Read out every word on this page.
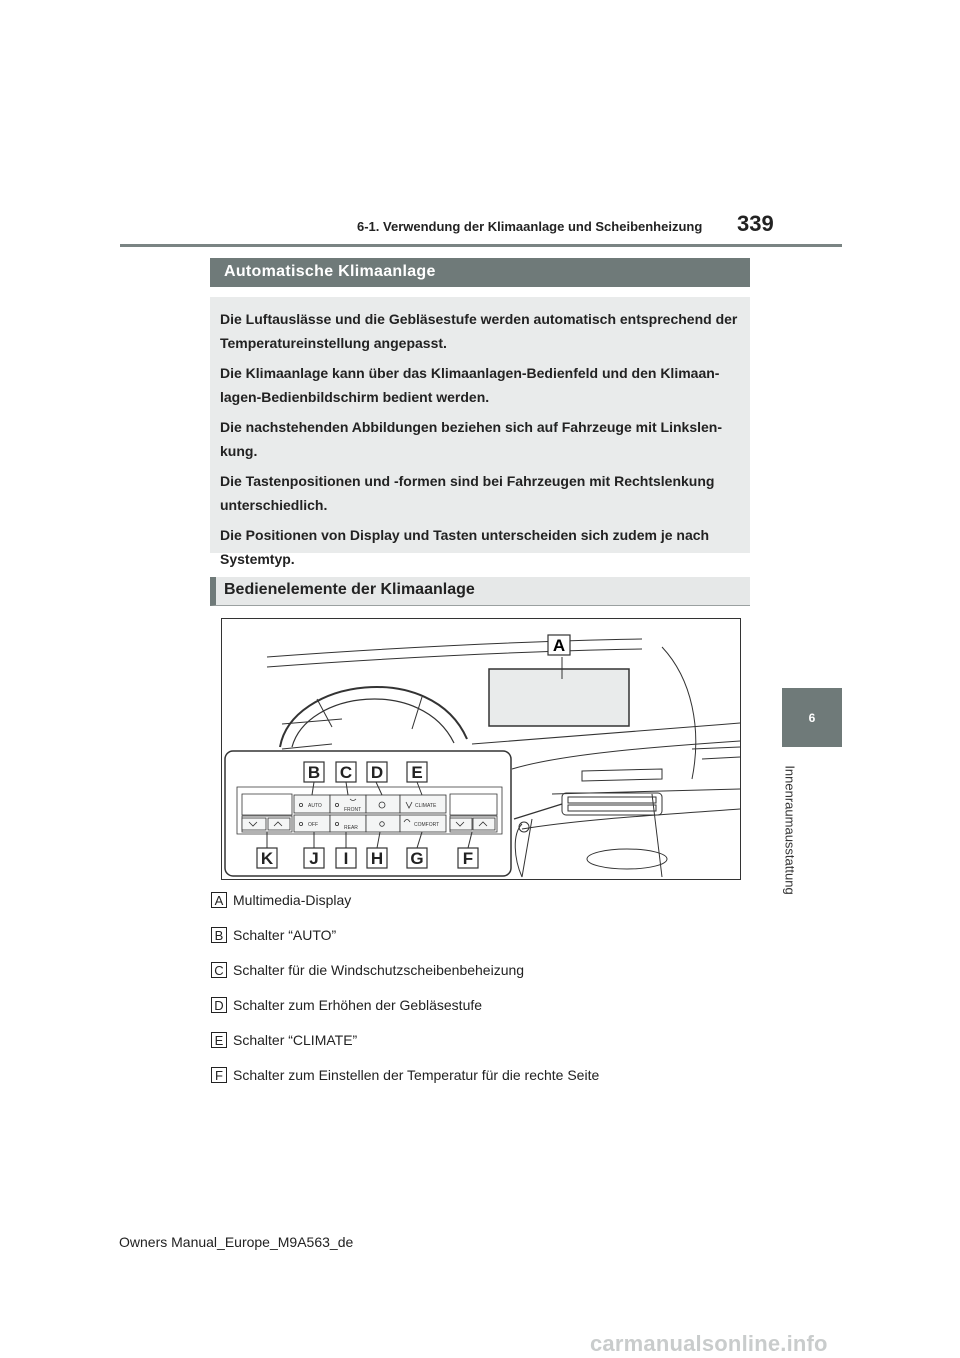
6-1. Verwendung der Klimaanlage und Scheibenheizung 339
6
Innenraumausstattung
Automatische Klimaanlage

Die Luftauslässe und die Gebläsestufe werden automatisch entsprechend der Temperatureinstellung angepasst.

Die Klimaanlage kann über das Klimaanlagen-Bedienfeld und den Klimaan-lagen-Bedienbildschirm bedient werden.

Die nachstehenden Abbildungen beziehen sich auf Fahrzeuge mit Linkslen-kung.

Die Tastenpositionen und -formen sind bei Fahrzeugen mit Rechtslenkung unterschiedlich.

Die Positionen von Display und Tasten unterscheiden sich zudem je nach Systemtyp.

Bedienelemente der Klimaanlage
A
AUTO
FRONT
CLIMATE
OFF	REAR	COMFORT
B C D E
K J I H G F
A Multimedia-Display
B Schalter “AUTO”
C Schalter für die Windschutzscheibenbeheizung
D Schalter zum Erhöhen der Gebläsestufe
E Schalter “CLIMATE”
F Schalter zum Einstellen der Temperatur für die rechte Seite
Owners Manual_Europe_M9A563_de
carmanualsonline.info
